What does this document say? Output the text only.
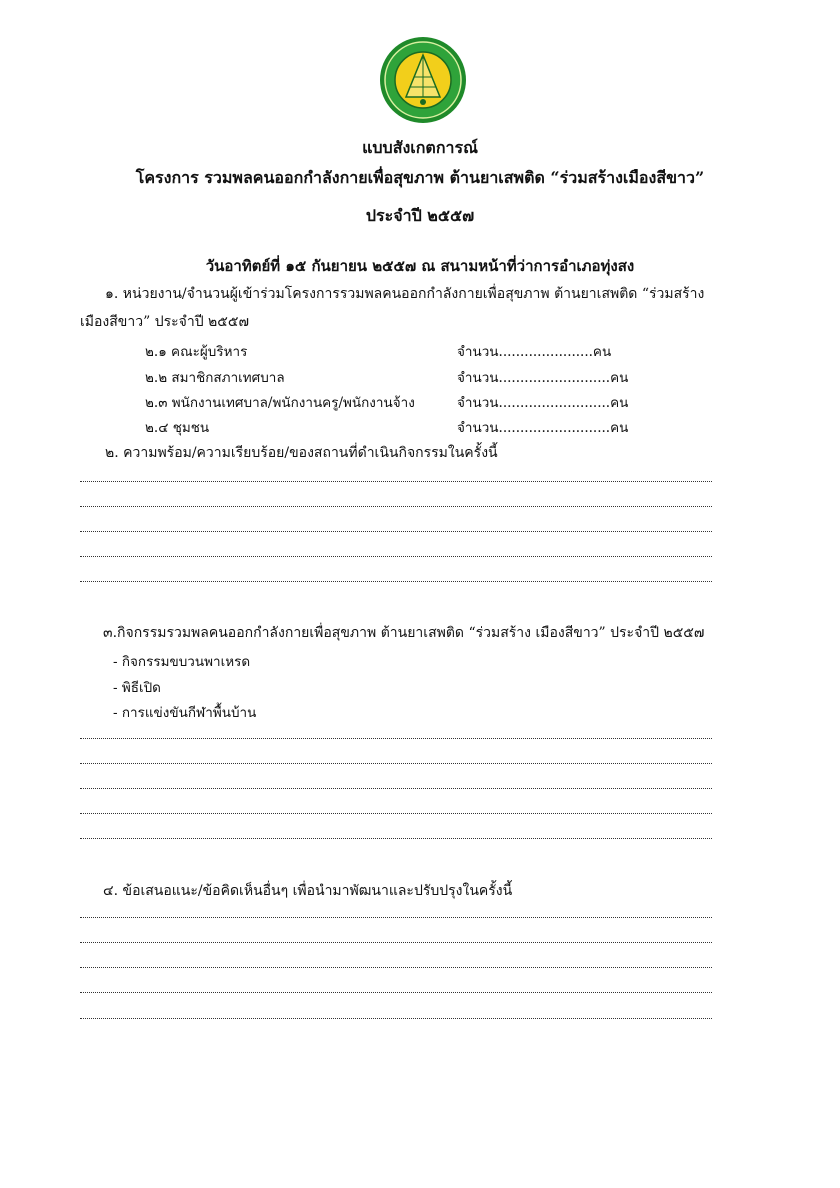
แบบสังเกตการณ์
โครงการ รวมพลคนออกกำลังกายเพื่อสุขภาพ ต้านยาเสพติด “ร่วมสร้างเมืองสีขาว”
ประจำปี ๒๕๕๗
วันอาทิตย์ที่ ๑๕ กันยายน ๒๕๕๗ ณ สนามหน้าที่ว่าการอำเภอทุ่งสง
๑. หน่วยงาน/จำนวนผู้เข้าร่วมโครงการรวมพลคนออกกำลังกายเพื่อสุขภาพ ต้านยาเสพติด “ร่วมสร้าง
เมืองสีขาว” ประจำปี ๒๕๕๗
๒.๑ คณะผู้บริหาร	จำนวน......................คน
๒.๒ สมาชิกสภาเทศบาล	จำนวน..........................คน
๒.๓ พนักงานเทศบาล/พนักงานครู/พนักงานจ้าง	จำนวน..........................คน
๒.๔ ชุมชน	จำนวน..........................คน
๒. ความพร้อม/ความเรียบร้อย/ของสถานที่ดำเนินกิจกรรมในครั้งนี้
๓.กิจกรรมรวมพลคนออกกำลังกายเพื่อสุขภาพ ต้านยาเสพติด “ร่วมสร้าง เมืองสีขาว” ประจำปี ๒๕๕๗
- กิจกรรมขบวนพาเหรด
- พิธีเปิด
- การแข่งขันกีฬาพื้นบ้าน
๔. ข้อเสนอแนะ/ข้อคิดเห็นอื่นๆ เพื่อนำมาพัฒนาและปรับปรุงในครั้งนี้
